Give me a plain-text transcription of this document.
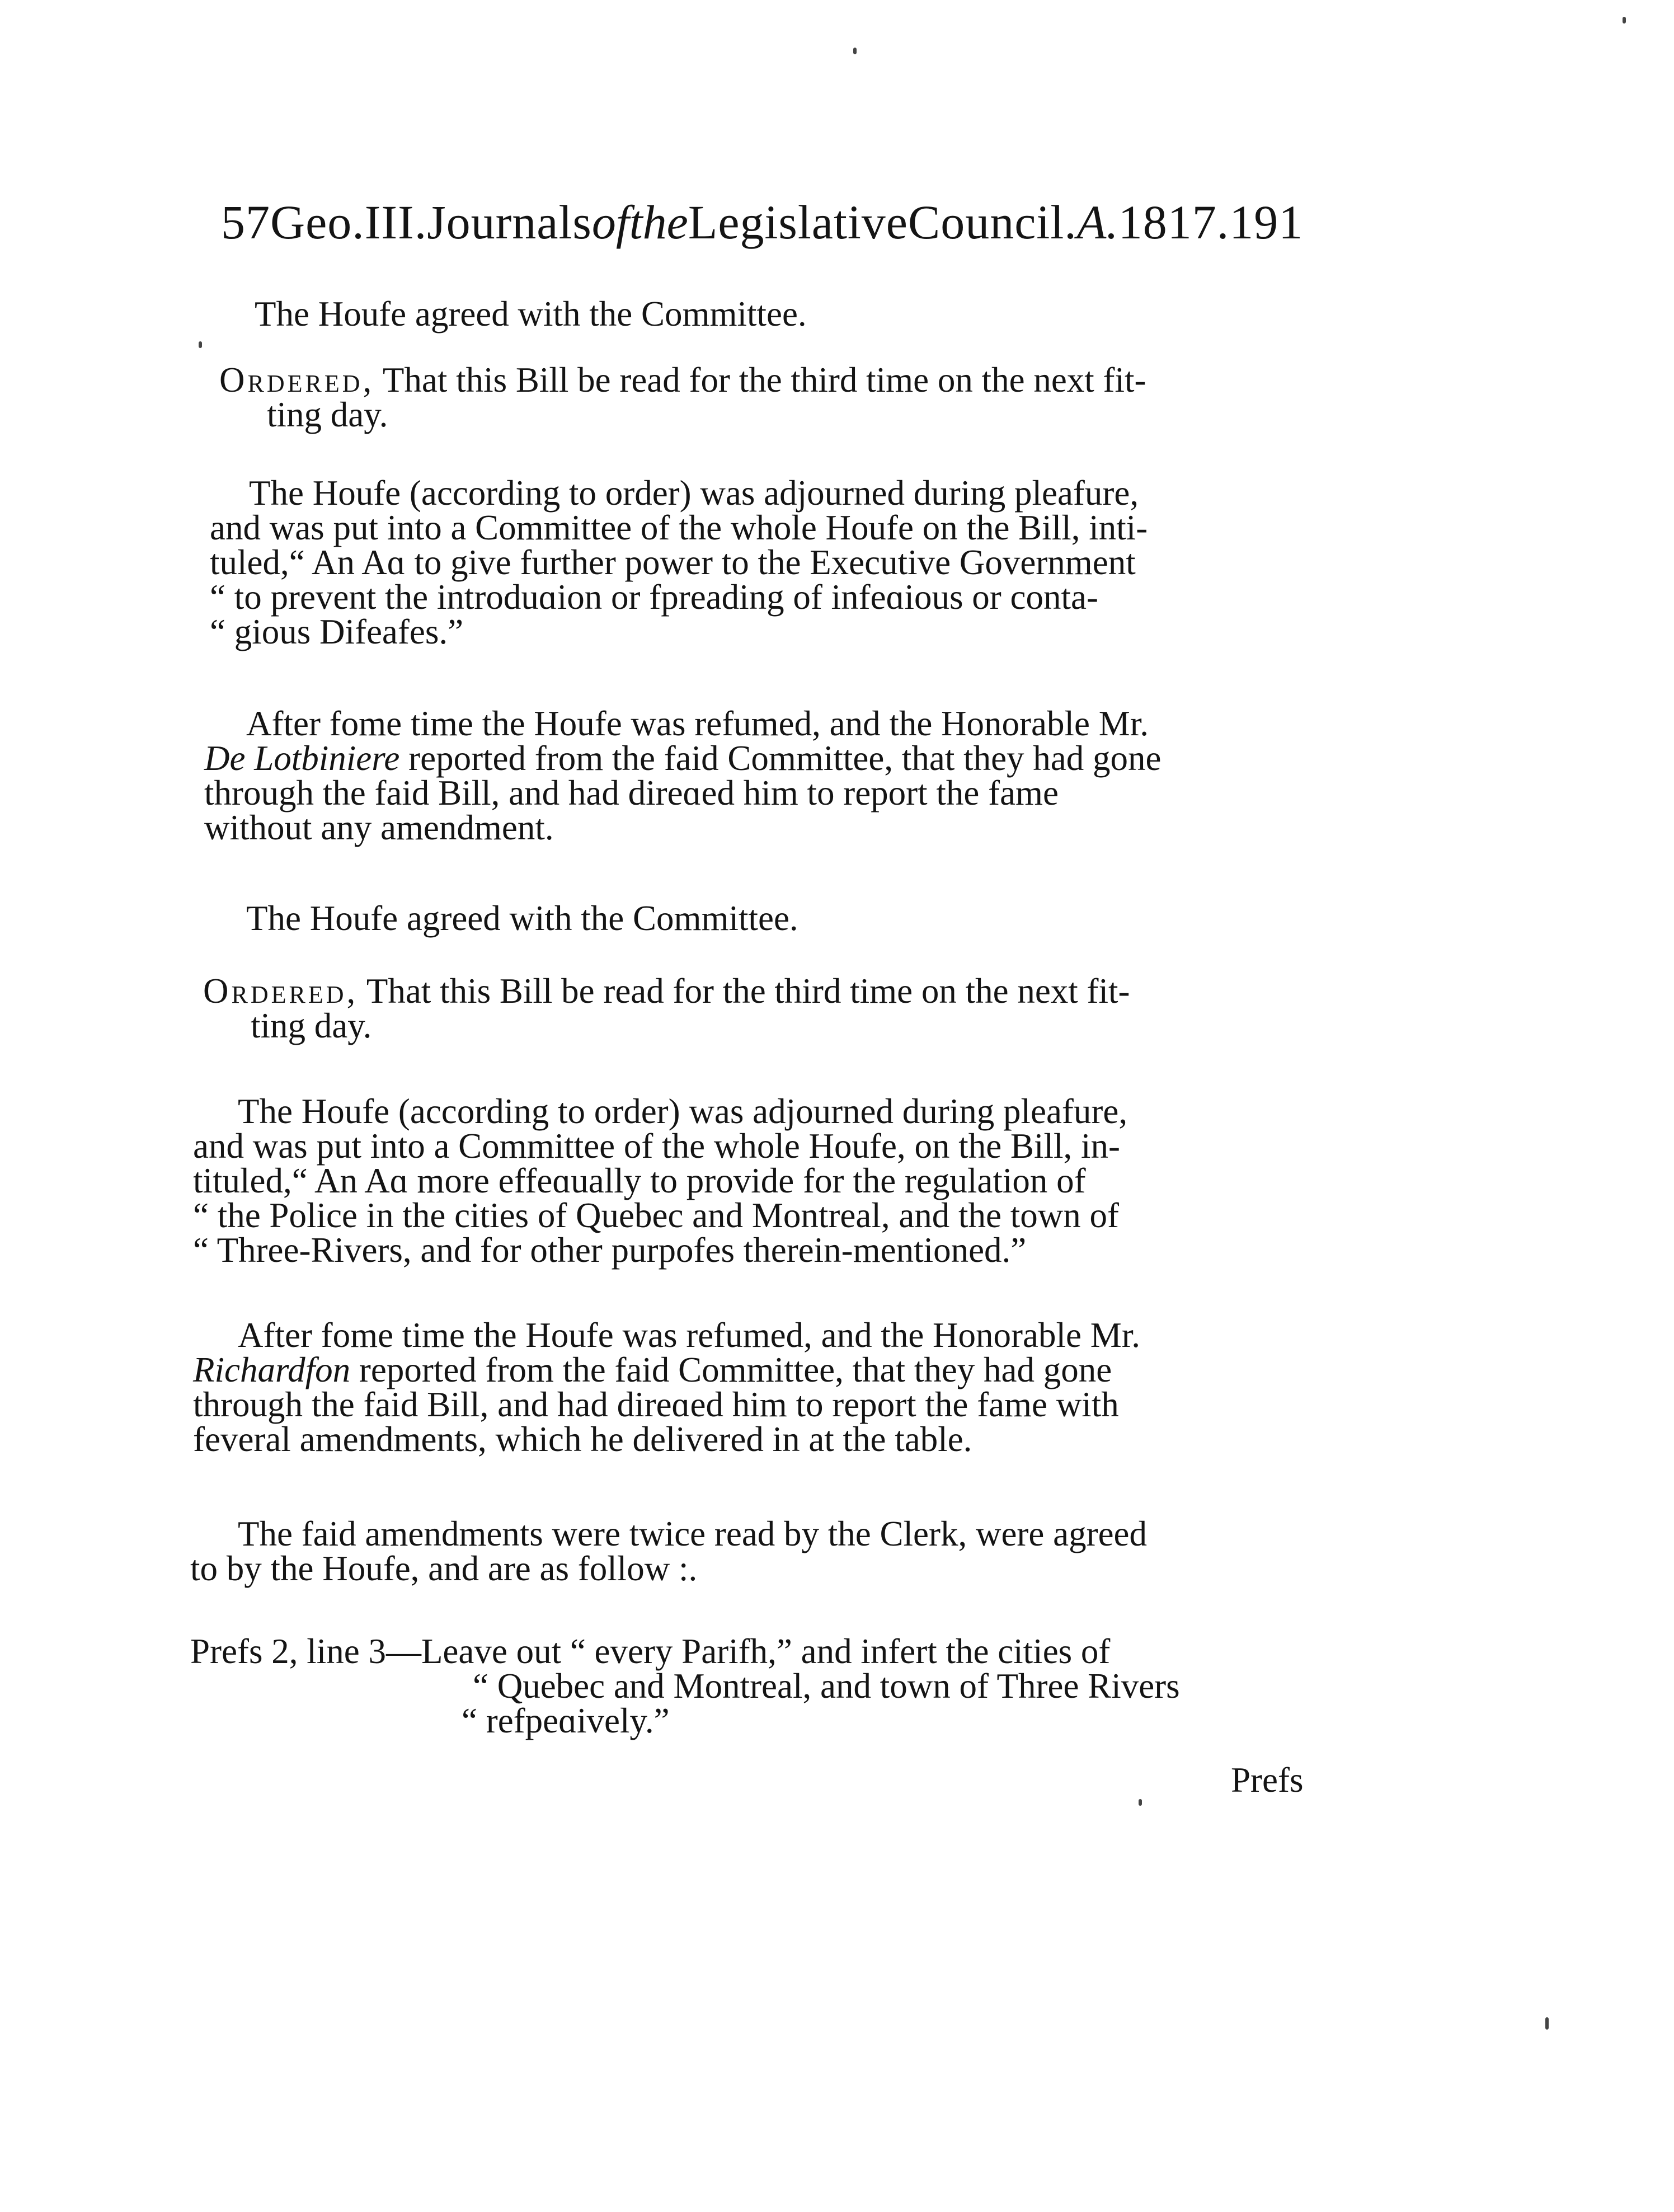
57Geo.III.JournalsoftheLegislativeCouncil.A.1817.191
The Houfe agreed with the Committee.
Ordered, That this Bill be read for the third time on the next fit-
ting day.
The Houfe (according to order) was adjourned during pleafure,
and was put into a Committee of the whole Houfe on the Bill, inti-
tuled,“ An Aɑ to give further power to the Executive Government
“ to prevent the introduɑion or fpreading of infeɑious or conta-
“ gious Difeafes.”
After fome time the Houfe was refumed, and the Honorable Mr.
De Lotbiniere reported from the faid Committee, that they had gone
through the faid Bill, and had direɑed him to report the fame
without any amendment.
The Houfe agreed with the Committee.
Ordered, That this Bill be read for the third time on the next fit-
ting day.
The Houfe (according to order) was adjourned during pleafure,
and was put into a Committee of the whole Houfe, on the Bill, in-
tituled,“ An Aɑ more effeɑually to provide for the regulation of
“ the Police in the cities of Quebec and Montreal, and the town of
“ Three-Rivers, and for other purpofes therein-mentioned.”
After fome time the Houfe was refumed, and the Honorable Mr.
Richardfon reported from the faid Committee, that they had gone
through the faid Bill, and had direɑed him to report the fame with
feveral amendments, which he delivered in at the table.
The faid amendments were twice read by the Clerk, were agreed
to by the Houfe, and are as follow :.
Prefs 2, line 3—Leave out “ every Parifh,” and infert the cities of
“ Quebec and Montreal, and town of Three Rivers
“ refpeɑively.”
Prefs
